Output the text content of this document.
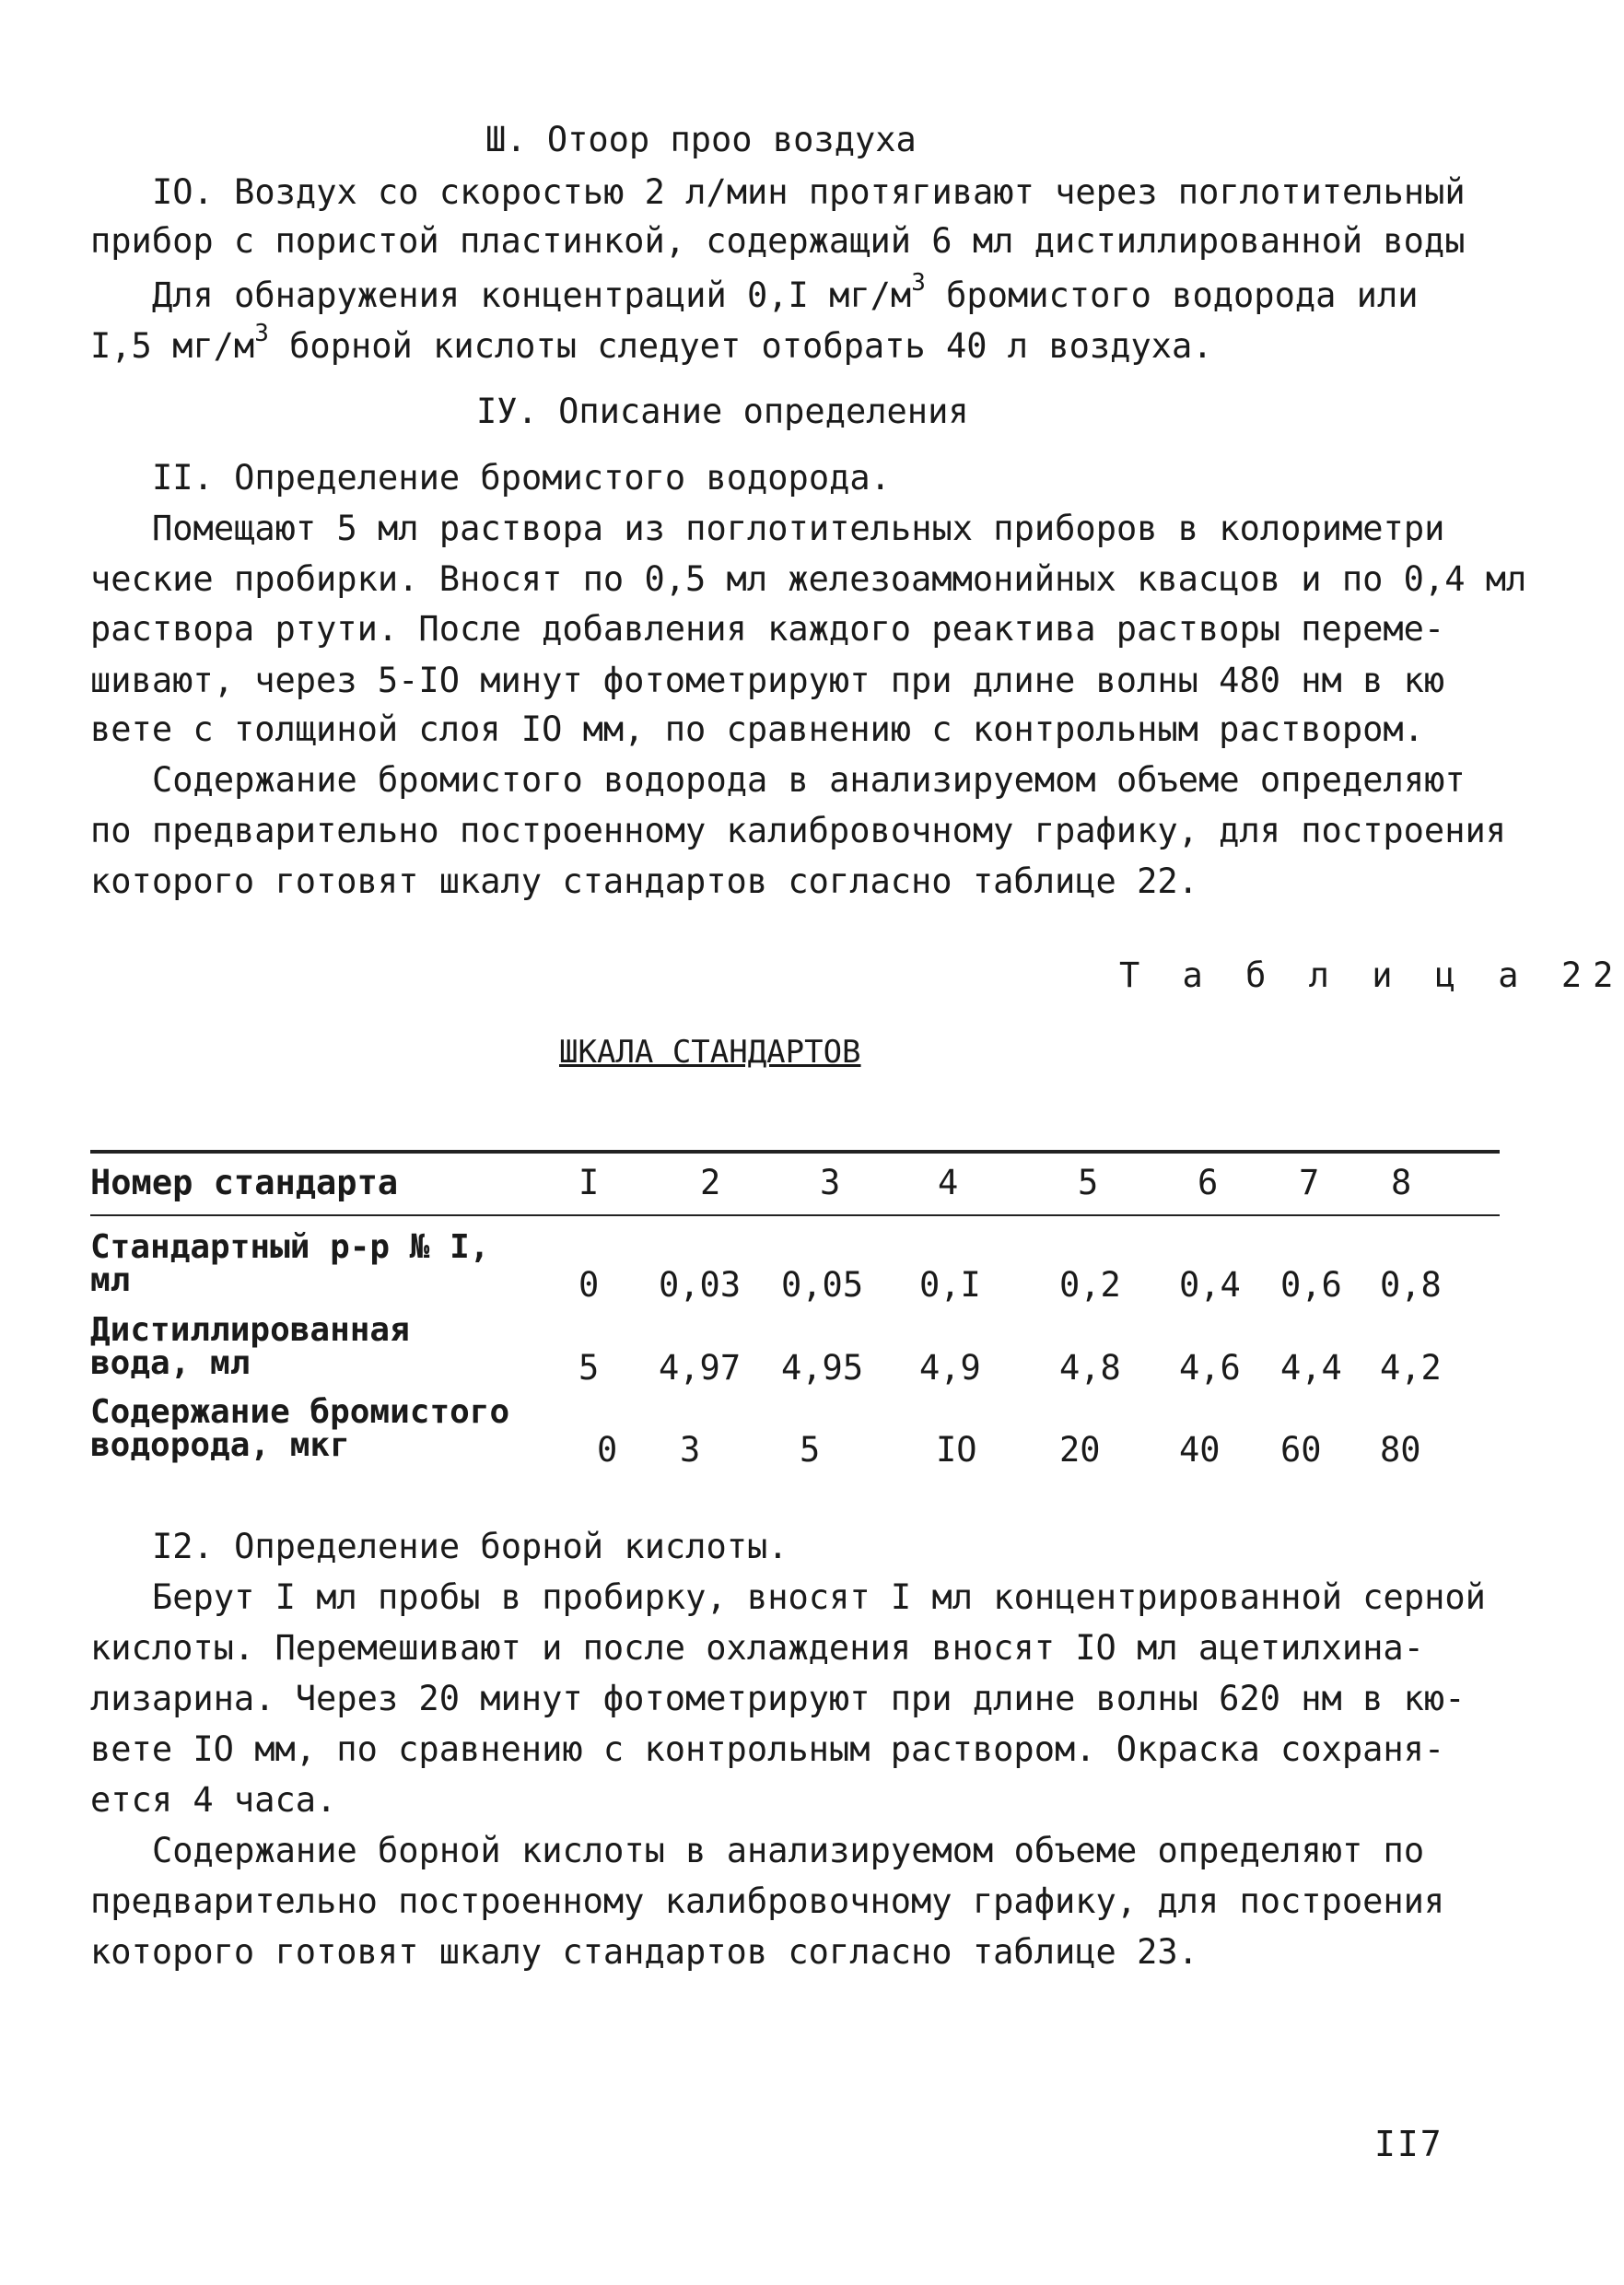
Ш. Отоор проо воздуха
IO. Воздух со скоростью 2 л/мин протягивают через поглотительный
прибор с пористой пластинкой, содержащий 6 мл дистиллированной воды
Для обнаружения концентраций 0,I $мг/м^3$ бромистого водорода или
I,5 $мг/м^3$ борной кислоты следует отобрать 40 л воздуха.
IУ. Описание определения
II. Определение бромистого водорода.
Помещают 5 мл раствора из поглотительных приборов в колориметри
ческие пробирки. Вносят по 0,5 мл железоаммонийных квасцов и по 0,4 мл
раствора ртути. После добавления каждого реактива растворы переме-
шивают, через 5-IO минут фотометрируют при длине волны 480 нм в кю
вете с толщиной слоя IO мм, по сравнению с контрольным раствором.
Содержание бромистого водорода в анализируемом объеме определяют
по предварительно построенному калибровочному графику, для построения
которого готовят шкалу стандартов согласно таблице 22.
Т а б л и ц а 22
ШКАЛА СТАНДАРТОВ
Номер стандарта	I	2	3	4	5	6 7 8
Стандартный р-р № I,
мл	0 0,03 0,05 0,I 0,2 0,4 0,6 0,8
Дистиллированная
вода, мл	5 4,97 4,95 4,9 4,8 4,6 4,4 4,2
Содержание бромистого
водорода, мкг	0 3	5	IO 20 40 60 80
I2. Определение борной кислоты.
Берут I мл пробы в пробирку, вносят I мл концентрированной серной
кислоты. Перемешивают и после охлаждения вносят IO мл ацетилхина-
лизарина. Через 20 минут фотометрируют при длине волны 620 нм в кю-
вете IO мм, по сравнению с контрольным раствором. Окраска сохраня-
ется 4 часа.
Содержание борной кислоты в анализируемом объеме определяют по
предварительно построенному калибровочному графику, для построения
которого готовят шкалу стандартов согласно таблице 23.
II7
